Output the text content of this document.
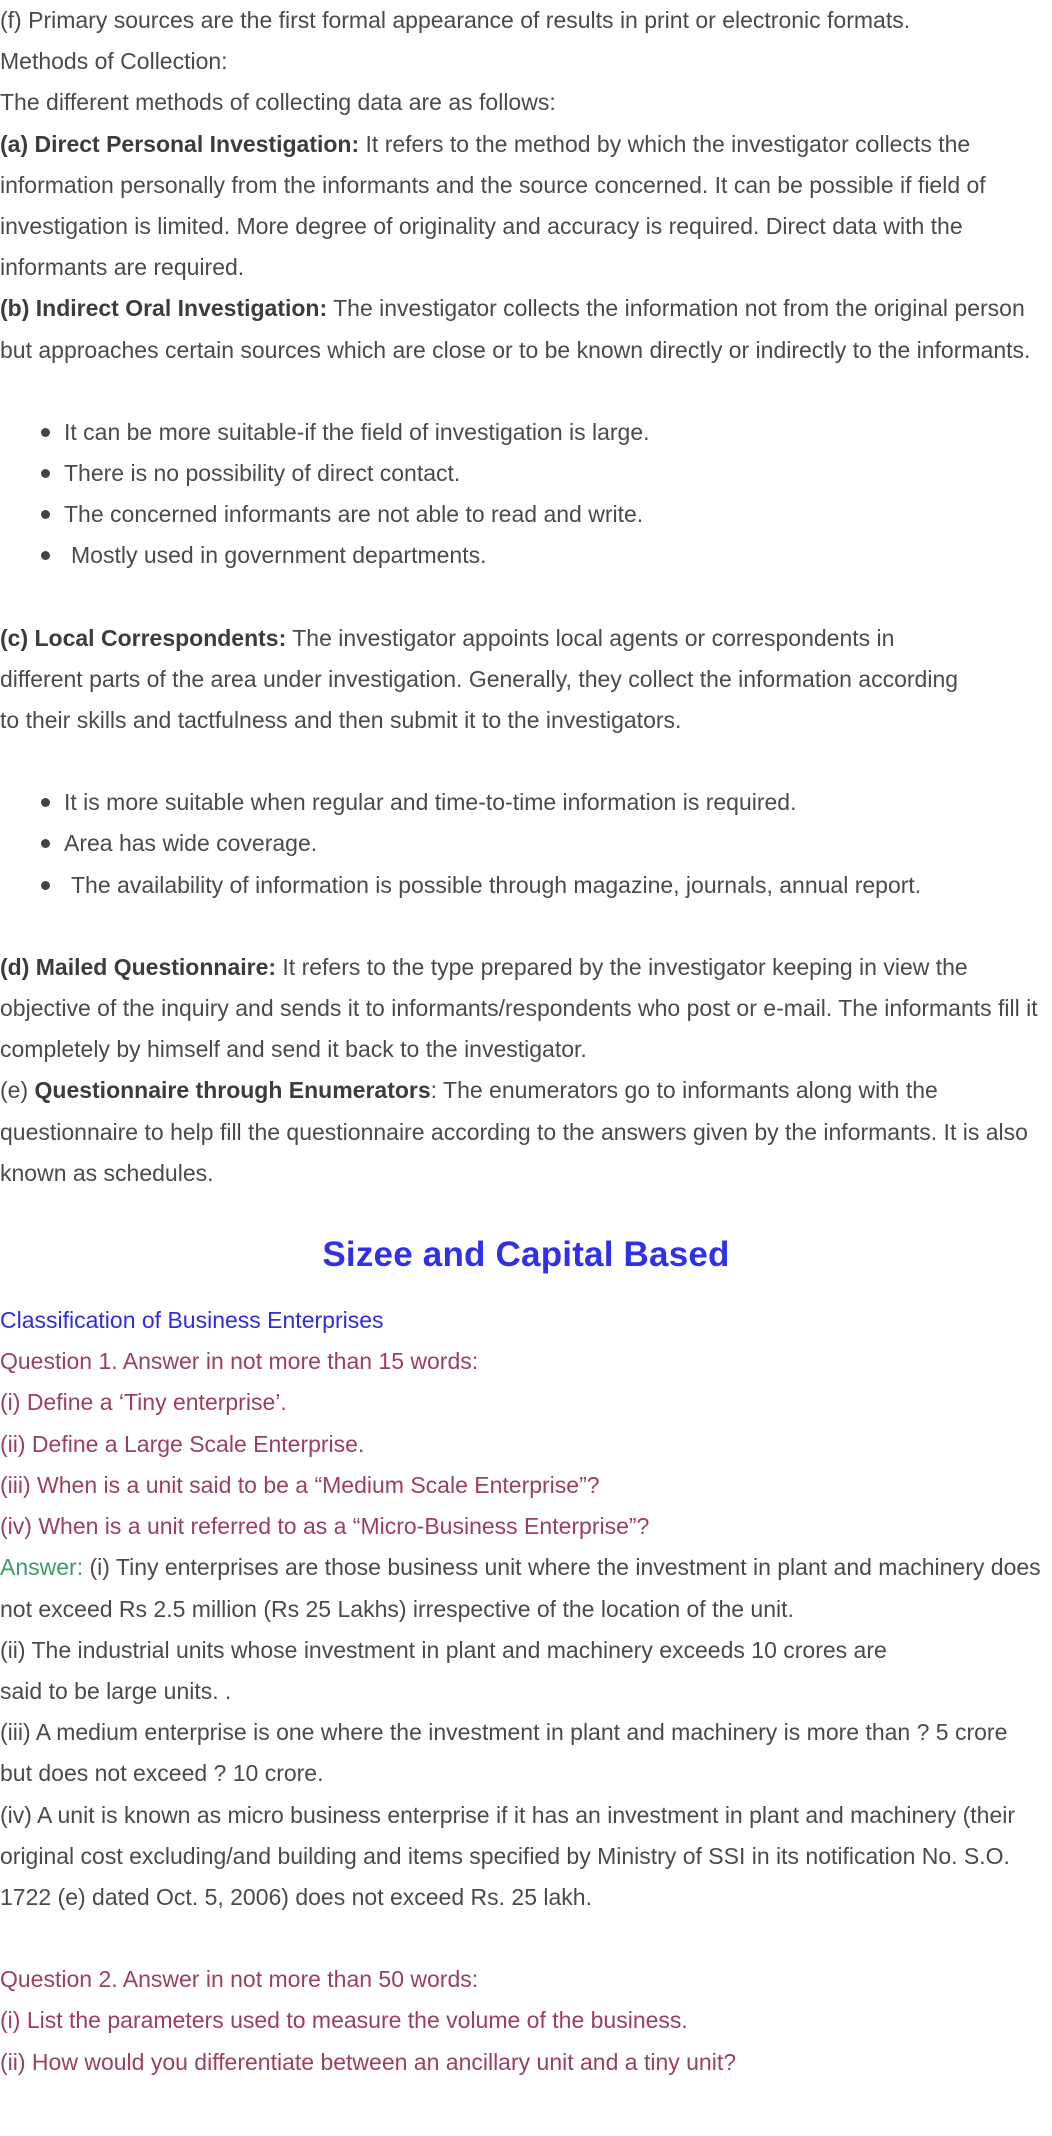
(f) Primary sources are the first formal appearance of results in print or electronic formats.

Methods of Collection:

The different methods of collecting data are as follows:

(a) Direct Personal Investigation: It refers to the method by which the investigator collects the information personally from the informants and the source concerned. It can be possible if field of investigation is limited. More degree of originality and accuracy is required. Direct data with the informants are required.

(b) Indirect Oral Investigation: The investigator collects the information not from the original person but approaches certain sources which are close or to be known directly or indirectly to the informants.

It can be more suitable-if the field of investigation is large.
There is no possibility of direct contact.
The concerned informants are not able to read and write.
Mostly used in government departments.

(c) Local Correspondents: The investigator appoints local agents or correspondents in different parts of the area under investigation. Generally, they collect the information according to their skills and tactfulness and then submit it to the investigators.

It is more suitable when regular and time-to-time information is required.
Area has wide coverage.
The availability of information is possible through magazine, journals, annual report.

(d) Mailed Questionnaire: It refers to the type prepared by the investigator keeping in view the objective of the inquiry and sends it to informants/respondents who post or e-mail. The informants fill it completely by himself and send it back to the investigator.

(e) Questionnaire through Enumerators: The enumerators go to informants along with the questionnaire to help fill the questionnaire according to the answers given by the informants. It is also known as schedules.

Sizee and Capital Based

Classification of Business Enterprises

Question 1. Answer in not more than 15 words:

(i) Define a ‘Tiny enterprise’.

(ii) Define a Large Scale Enterprise.

(iii) When is a unit said to be a “Medium Scale Enterprise”?

(iv) When is a unit referred to as a “Micro-Business Enterprise”?

Answer: (i) Tiny enterprises are those business unit where the investment in plant and machinery does not exceed Rs 2.5 million (Rs 25 Lakhs) irrespective of the location of the unit.

(ii) The industrial units whose investment in plant and machinery exceeds 10 crores are

said to be large units. .

(iii) A medium enterprise is one where the investment in plant and machinery is more than ? 5 crore but does not exceed ? 10 crore.

(iv) A unit is known as micro business enterprise if it has an investment in plant and machinery (their original cost excluding/and building and items specified by Ministry of SSI in its notification No. S.O. 1722 (e) dated Oct. 5, 2006) does not exceed Rs. 25 lakh.

Question 2. Answer in not more than 50 words:

(i) List the parameters used to measure the volume of the business.

(ii) How would you differentiate between an ancillary unit and a tiny unit?
